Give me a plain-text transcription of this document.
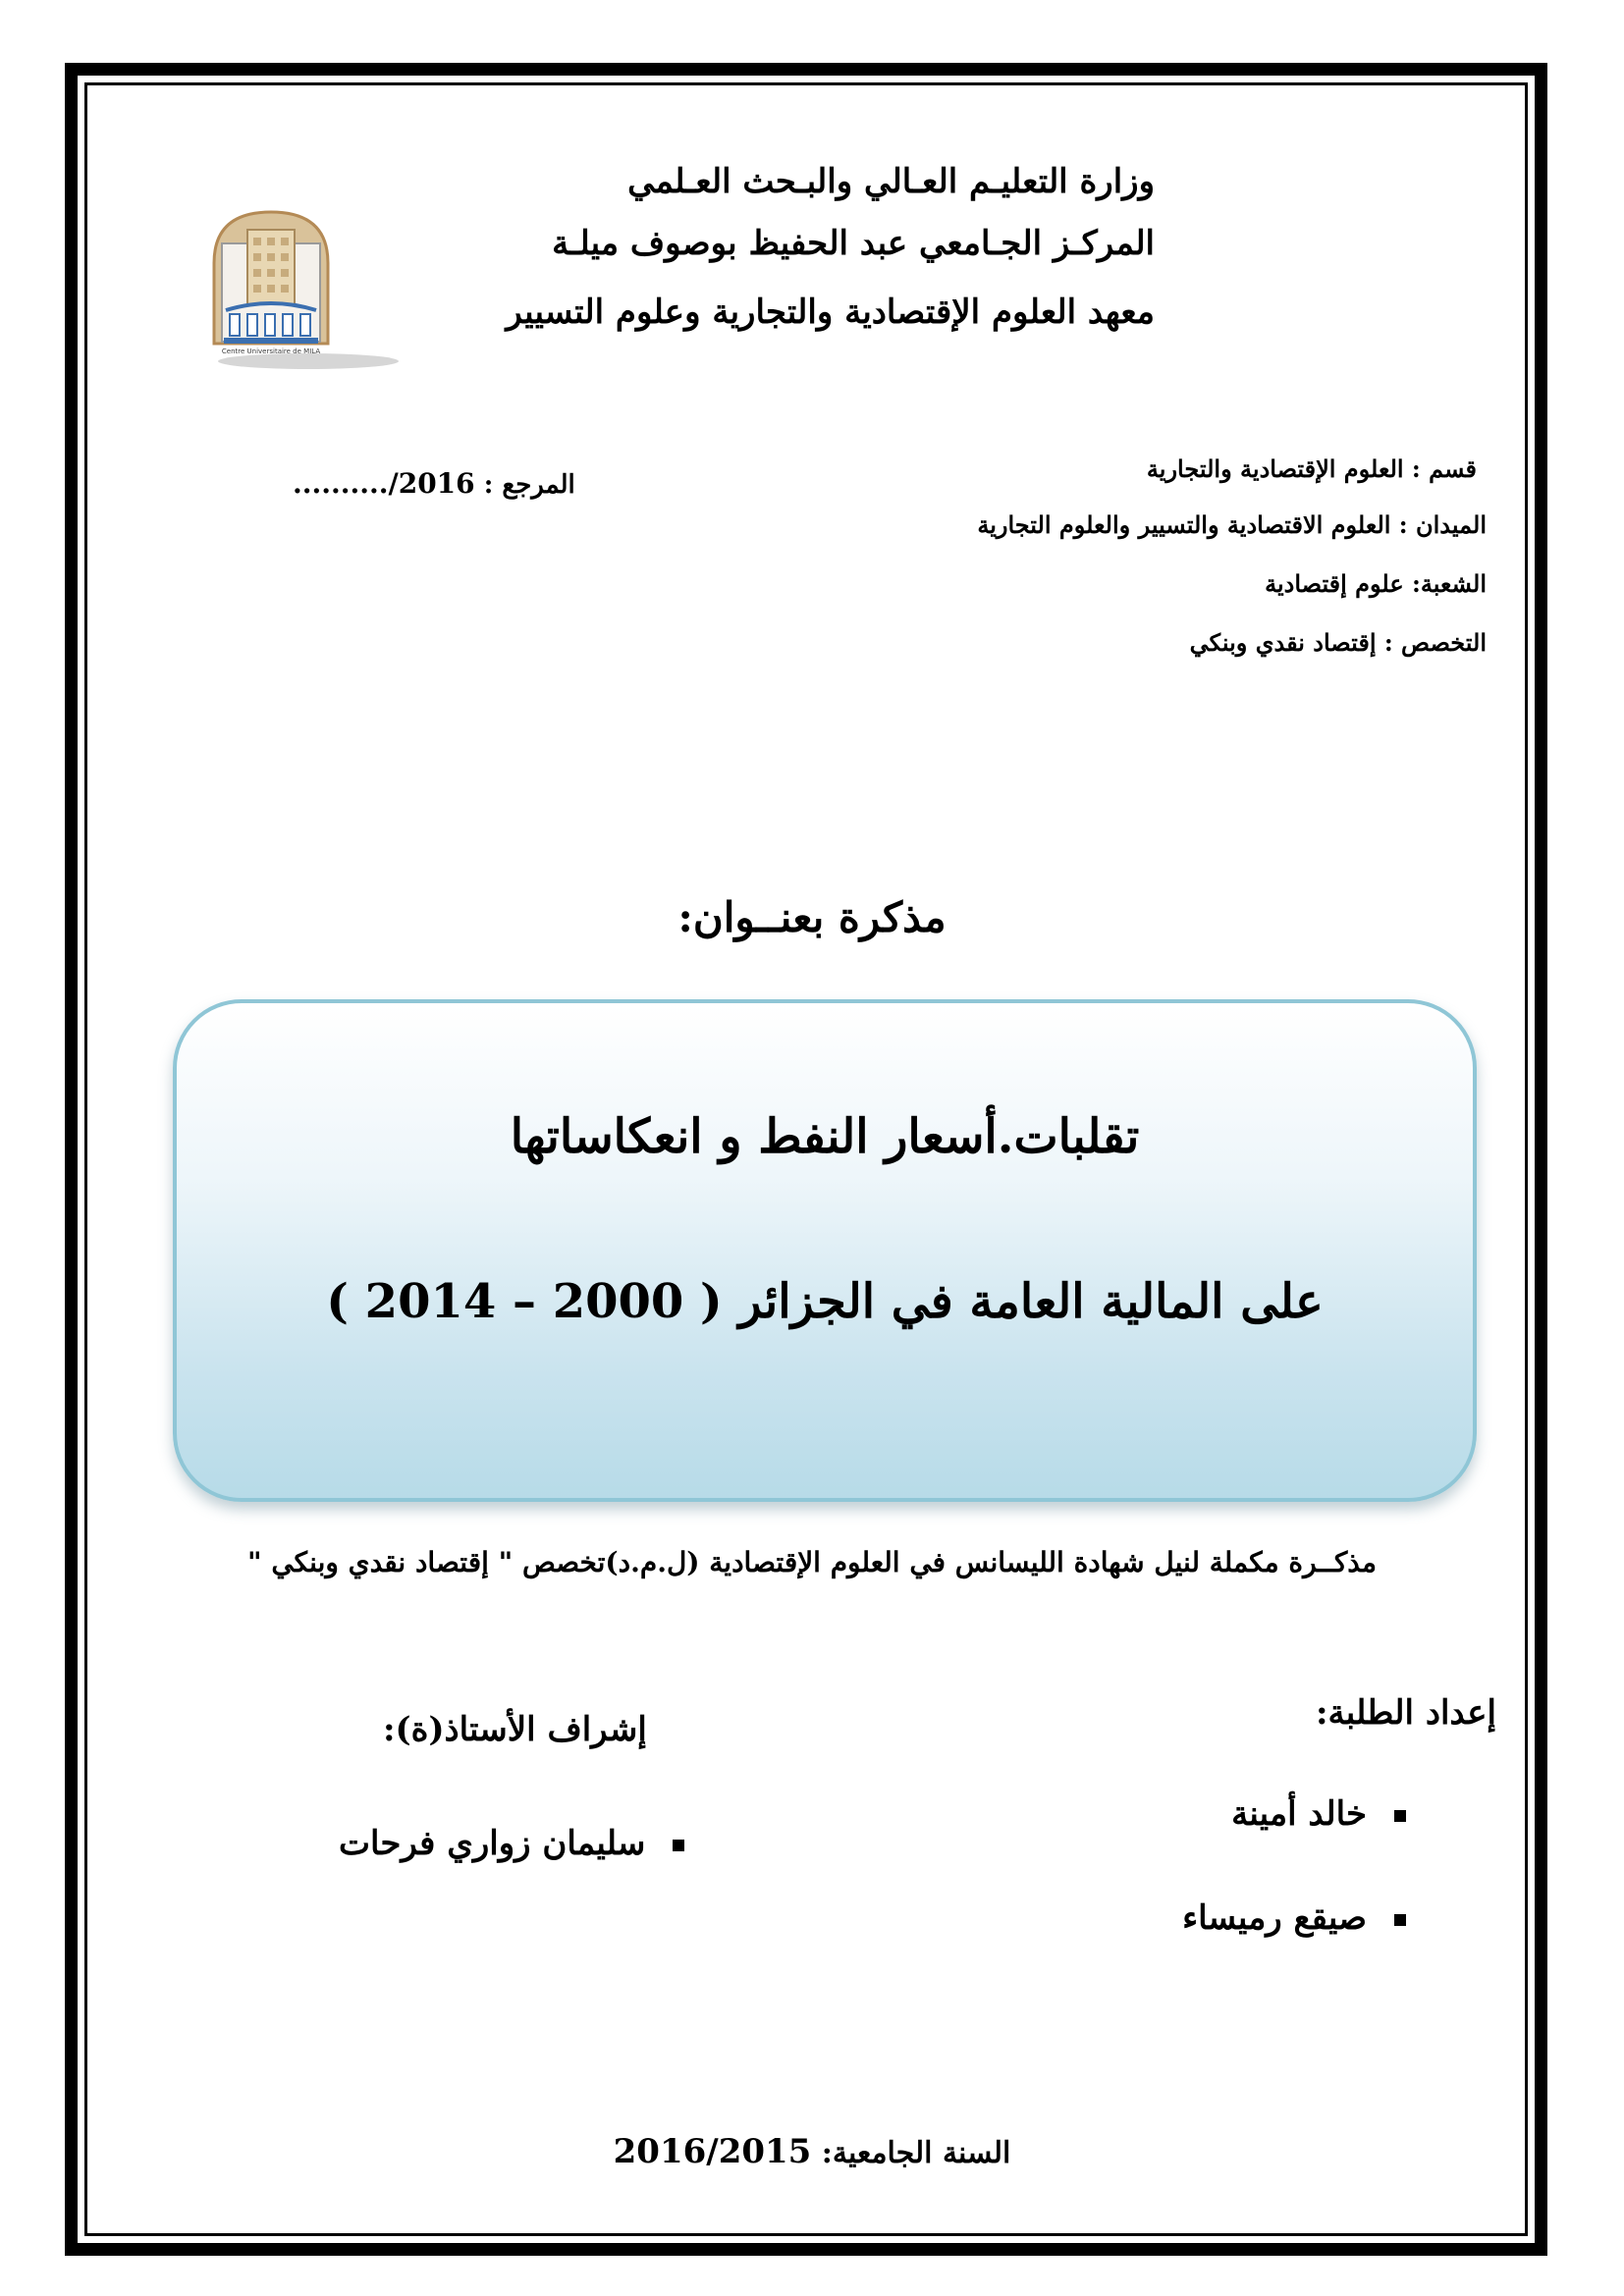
وزارة التعليـم العـالي والبـحث العـلمي
المركـز الجـامعي عبد الحفيظ بوصوف ميلـة
معهد العلوم الإقتصادية والتجارية وعلوم التسيير
Centre Universitaire de MILA
قسم : العلوم الإقتصادية والتجارية
الميدان : العلوم الاقتصادية والتسيير والعلوم التجارية
الشعبة: علوم إقتصادية
التخصص : إقتصاد نقدي وبنكي
المرجع : ........../2016
مذكرة بعنــوان:
تقلبات.أسعار النفط و انعكاساتها
على المالية العامة في الجزائر ( 2000 – 2014 )
مذكــرة مكملة لنيل شهادة الليسانس في العلوم الإقتصادية (ل.م.د)تخصص " إقتصاد نقدي وبنكي "
إعداد الطلبة:
خالد أمينة
صيقع رميساء
إشراف الأستاذ(ة):
سليمان زواري فرحات
السنة الجامعية: 2016/2015
